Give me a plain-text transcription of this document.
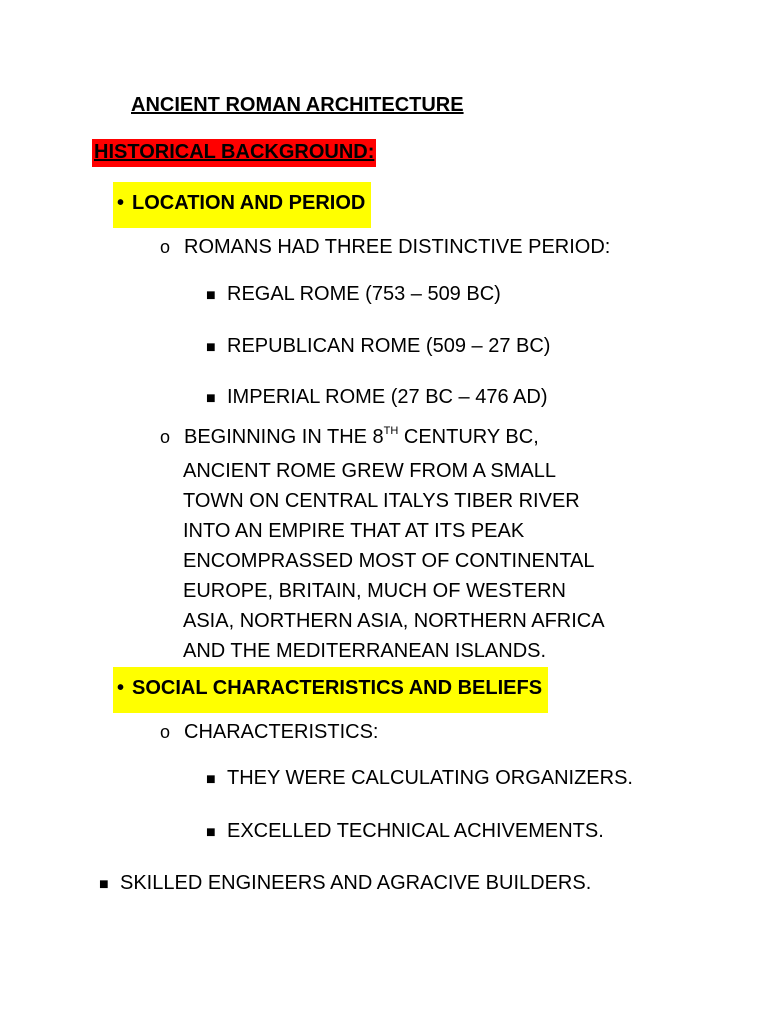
ANCIENT ROMAN ARCHITECTURE
HISTORICAL BACKGROUND:
• LOCATION AND PERIOD
o ROMANS HAD THREE DISTINCTIVE PERIOD:
■ REGAL ROME (753 – 509 BC)
■ REPUBLICAN ROME (509 – 27 BC)
■ IMPERIAL ROME (27 BC – 476 AD)
o BEGINNING IN THE 8TH CENTURY BC,
ANCIENT ROME GREW FROM A SMALL
TOWN ON CENTRAL ITALYS TIBER RIVER
INTO AN EMPIRE THAT AT ITS PEAK
ENCOMPRASSED MOST OF CONTINENTAL
EUROPE, BRITAIN, MUCH OF WESTERN
ASIA, NORTHERN ASIA, NORTHERN AFRICA
AND THE MEDITERRANEAN ISLANDS.
• SOCIAL CHARACTERISTICS AND BELIEFS
o CHARACTERISTICS:
■ THEY WERE CALCULATING ORGANIZERS.
■ EXCELLED TECHNICAL ACHIVEMENTS.
■ SKILLED ENGINEERS AND AGRACIVE BUILDERS.
